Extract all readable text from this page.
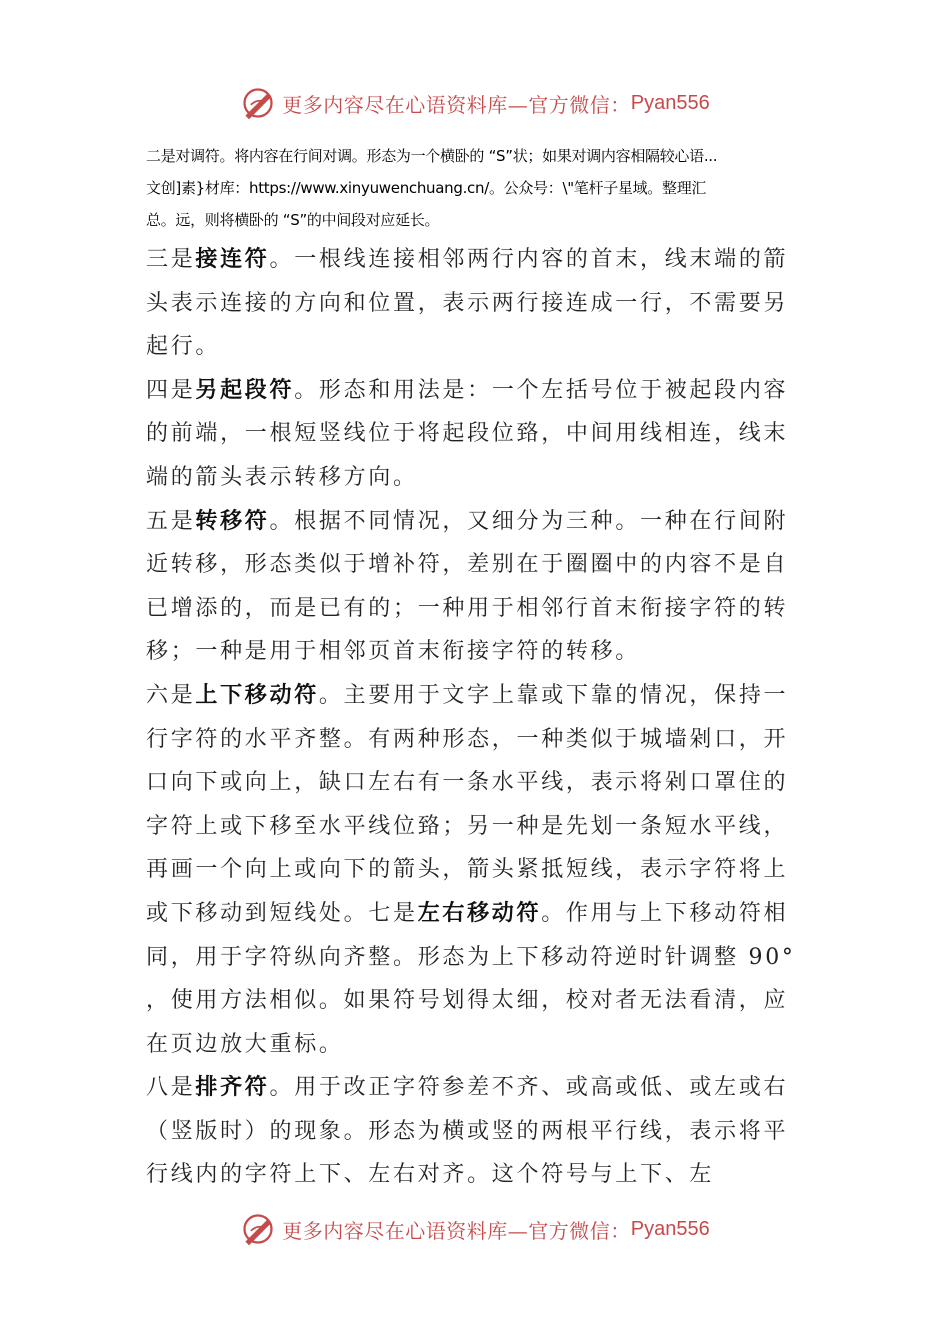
更多内容尽在心语资料库—官方微信： Pyan556
二是对调符。将内容在行间对调。形态为一个横卧的 “S”状；如果对调内容相隔较心语...
文创]素}材库：https://www.xinyuwenchuang.cn/。公众号：\"笔杆子星域。整理汇
总。远，则将横卧的 “S”的中间段对应延长。

三是接连符。一根线连接相邻两行内容的首末，线末端的箭头表示连接的方向和位置，表示两行接连成一行，不需要另起行。

四是另起段符。形态和用法是：一个左括号位于被起段内容的前端，一根短竖线位于将起段位臵，中间用线相连，线末端的箭头表示转移方向。

五是转移符。根据不同情况，又细分为三种。一种在行间附近转移，形态类似于增补符，差别在于圈圈中的内容不是自已增添的，而是已有的；一种用于相邻行首末衔接字符的转移；一种是用于相邻页首末衔接字符的转移。

六是上下移动符。主要用于文字上靠或下靠的情况，保持一行字符的水平齐整。有两种形态，一种类似于城墙剁口，开口向下或向上，缺口左右有一条水平线，表示将剁口罩住的字符上或下移至水平线位臵；另一种是先划一条短水平线，再画一个向上或向下的箭头，箭头紧抵短线，表示字符将上或下移动到短线处。七是左右移动符。作用与上下移动符相同，用于字符纵向齐整。形态为上下移动符逆时针调整 90° ，使用方法相似。如果符号划得太细，校对者无法看清，应在页边放大重标。

八是排齐符。用于改正字符参差不齐、或高或低、或左或右（竖版时）的现象。形态为横或竖的两根平行线，表示将平行线内的字符上下、左右对齐。这个符号与上下、左

更多内容尽在心语资料库—官方微信： Pyan556
